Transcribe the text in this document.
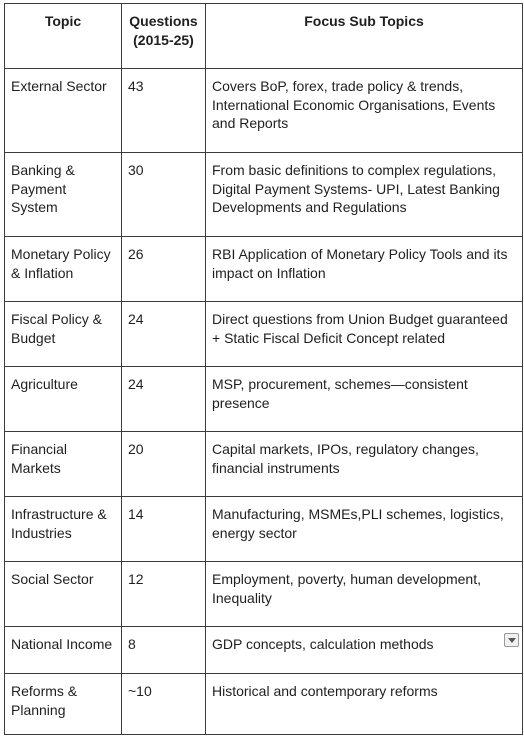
Topic	Questions (2015-25)	Focus Sub Topics

External Sector	43	Covers BoP, forex, trade policy & trends, International Economic Organisations, Events and Reports

Banking & Payment System	30	From basic definitions to complex regulations, Digital Payment Systems- UPI, Latest Banking Developments and Regulations

Monetary Policy & Inflation	26	RBI Application of Monetary Policy Tools and its impact on Inflation

Fiscal Policy & Budget	24	Direct questions from Union Budget guaranteed + Static Fiscal Deficit Concept related

Agriculture	24	MSP, procurement, schemes—consistent presence

Financial Markets	20	Capital markets, IPOs, regulatory changes, financial instruments

Infrastructure & Industries	14	Manufacturing, MSMEs,PLI schemes, logistics, energy sector

Social Sector	12	Employment, poverty, human development, Inequality

National Income	8	GDP concepts, calculation methods

Reforms & Planning	~10	Historical and contemporary reforms
